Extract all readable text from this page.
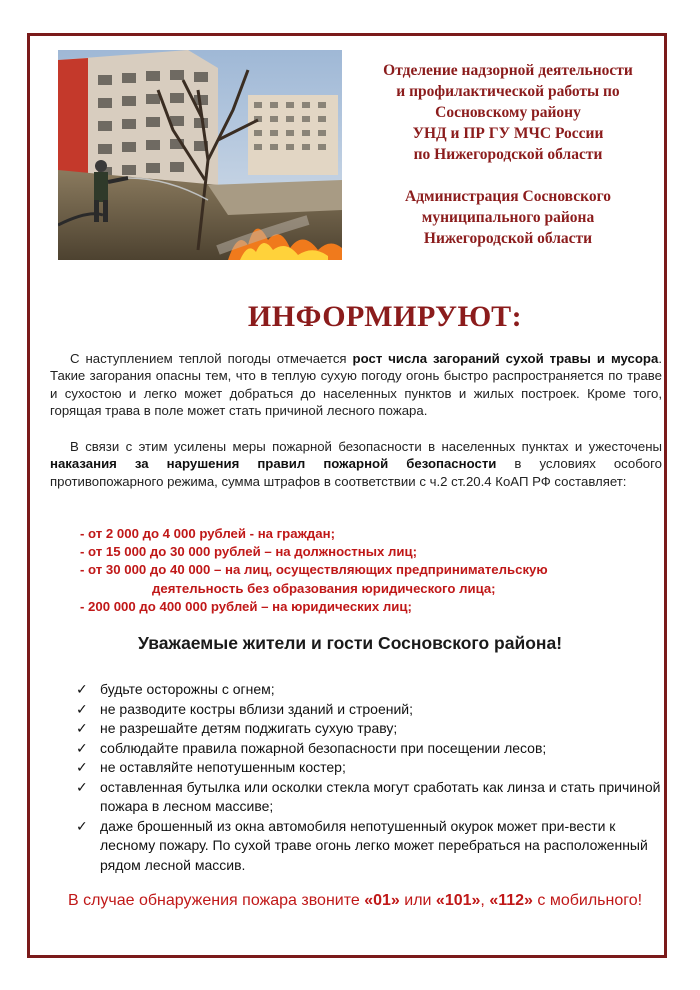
Отделение надзорной деятельности
и профилактической работы по
Сосновскому району
УНД и ПР ГУ МЧС России
по Нижегородской области
Администрация Сосновского
муниципального района
Нижегородской области
ИНФОРМИРУЮТ:
С наступлением теплой погоды отмечается рост числа загораний сухой травы и мусора. Такие загорания опасны тем, что в теплую сухую погоду огонь быстро распространяется по траве и сухостою и легко может добраться до населенных пунктов и жилых построек. Кроме того, горящая трава в поле может стать причиной лесного пожара.
В связи с этим усилены меры пожарной безопасности в населенных пунктах и ужесточены наказания за нарушения правил пожарной безопасности в условиях особого противопожарного режима, сумма штрафов в соответствии с ч.2 ст.20.4 КоАП РФ составляет:
- от 2 000 до 4 000 рублей - на граждан;
- от 15 000 до 30 000 рублей – на должностных лиц;
- от 30 000 до 40 000 – на лиц, осуществляющих предпринимательскую
деятельность без образования юридического лица;
- 200 000 до 400 000 рублей – на юридических лиц;
Уважаемые жители и гости Сосновского района!
✓ будьте осторожны с огнем;
✓ не разводите костры вблизи зданий и строений;
✓ не разрешайте детям поджигать сухую траву;
✓ соблюдайте правила пожарной безопасности при посещении лесов;
✓ не оставляйте непотушенным костер;
✓ оставленная бутылка или осколки стекла могут сработать как линза и стать причиной пожара в лесном массиве;
✓ даже брошенный из окна автомобиля непотушенный окурок может при-вести к лесному пожару. По сухой траве огонь легко может перебраться на расположенный рядом лесной массив.
В случае обнаружения пожара звоните «01» или «101», «112» с мобильного!
